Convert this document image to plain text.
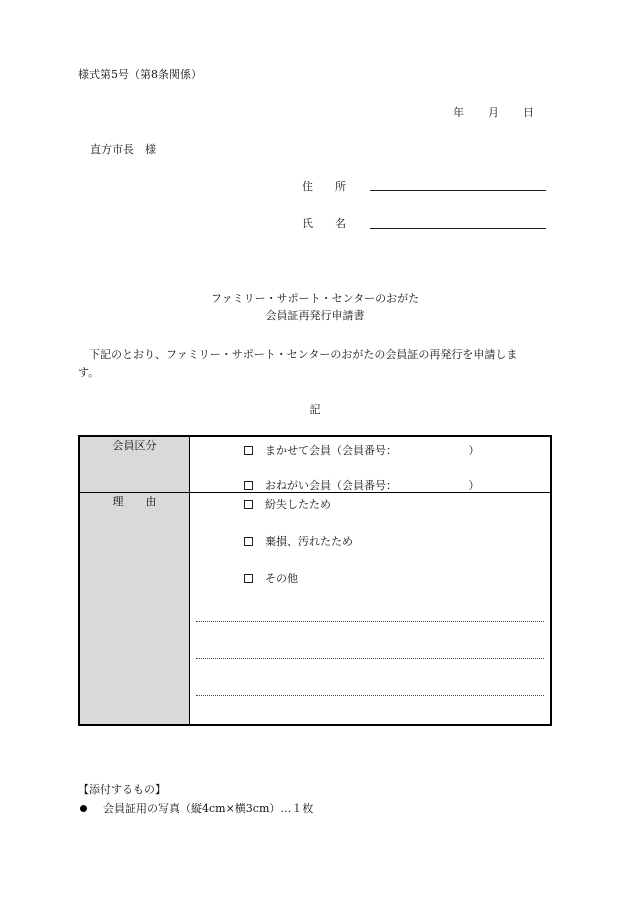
様式第5号（第8条関係）
年 月 日
直方市長　様
住　　所
氏　　名
ファミリー・サポート・センターのおがた
会員証再発行申請書
　下記のとおり、ファミリー・サポート・センターのおがたの会員証の再発行を申請しま
す。
記
会員区分	まかせて会員（会員番号：　　　　　　　）
おねがい会員（会員番号：　　　　　　　）

理　　由	紛失したため
棄損、汚れたため
その他
【添付するもの】
会員証用の写真（縦4cm×横3cm）…１枚
